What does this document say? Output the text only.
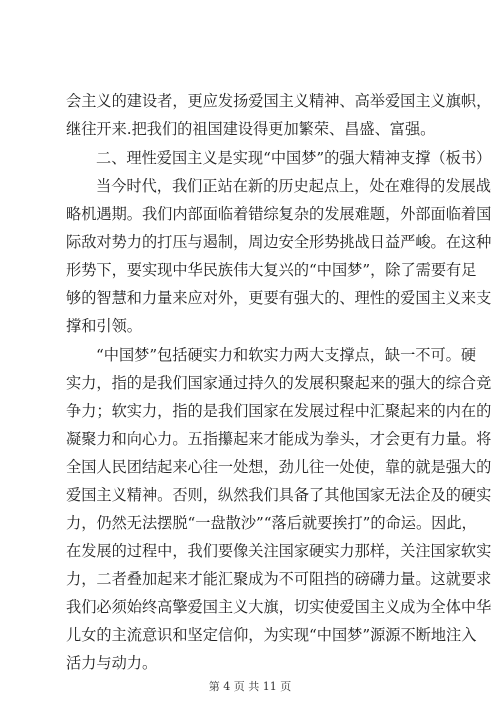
会主义的建设者，更应发扬爱国主义精神、高举爱国主义旗帜，
继往开来.把我们的祖国建设得更加繁荣、昌盛、富强。
二、理性爱国主义是实现“中国梦”的强大精神支撑（板书）
当今时代，我们正站在新的历史起点上，处在难得的发展战
略机遇期。我们内部面临着错综复杂的发展难题，外部面临着国
际敌对势力的打压与遏制，周边安全形势挑战日益严峻。在这种
形势下，要实现中华民族伟大复兴的“中国梦”，除了需要有足
够的智慧和力量来应对外，更要有强大的、理性的爱国主义来支
撑和引领。
“中国梦”包括硬实力和软实力两大支撑点，缺一不可。硬
实力，指的是我们国家通过持久的发展积聚起来的强大的综合竞
争力；软实力，指的是我们国家在发展过程中汇聚起来的内在的
凝聚力和向心力。五指攥起来才能成为拳头，才会更有力量。将
全国人民团结起来心往一处想，劲儿往一处使，靠的就是强大的
爱国主义精神。否则，纵然我们具备了其他国家无法企及的硬实
力，仍然无法摆脱“一盘散沙”“落后就要挨打”的命运。因此，
在发展的过程中，我们要像关注国家硬实力那样，关注国家软实
力，二者叠加起来才能汇聚成为不可阻挡的磅礴力量。这就要求
我们必须始终高擎爱国主义大旗，切实使爱国主义成为全体中华
儿女的主流意识和坚定信仰，为实现“中国梦”源源不断地注入
活力与动力。
第 4 页 共 11 页
